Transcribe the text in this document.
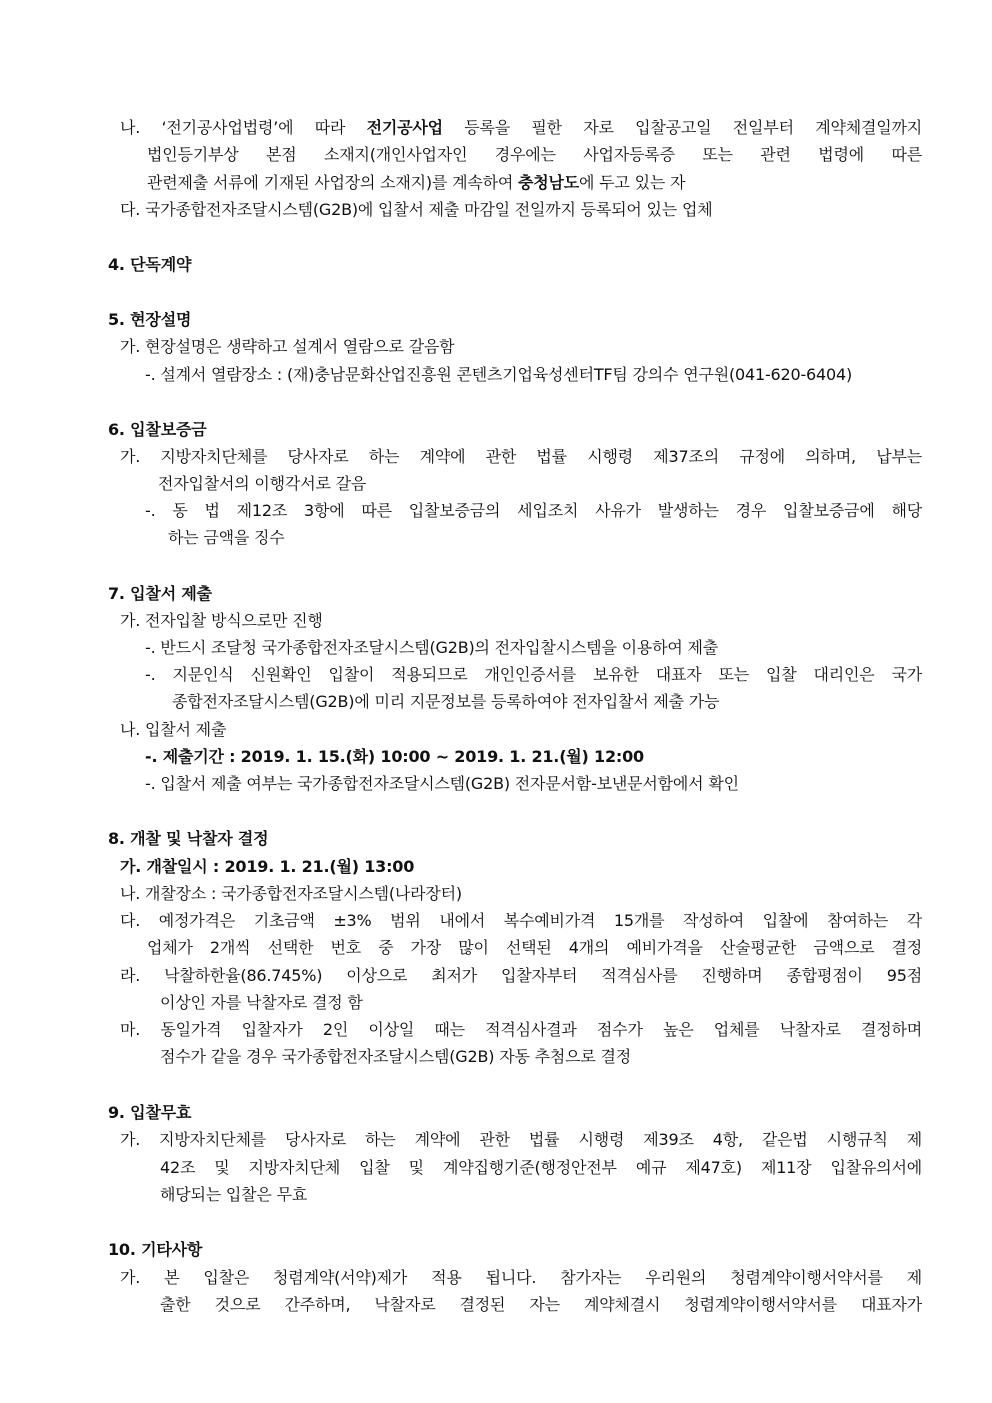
나. ‘전기공사업법령’에 따라 전기공사업 등록을 필한 자로 입찰공고일 전일부터 계약체결일까지
법인등기부상 본점 소재지(개인사업자인 경우에는 사업자등록증 또는 관련 법령에 따른
관련제출 서류에 기재된 사업장의 소재지)를 계속하여 충청남도에 두고 있는 자
다. 국가종합전자조달시스템(G2B)에 입찰서 제출 마감일 전일까지 등록되어 있는 업체
4. 단독계약
5. 현장설명
가. 현장설명은 생략하고 설계서 열람으로 갈음함
-. 설계서 열람장소 : (재)충남문화산업진흥원 콘텐츠기업육성센터TF팀 강의수 연구원(041-620-6404)
6. 입찰보증금
가. 지방자치단체를 당사자로 하는 계약에 관한 법률 시행령 제37조의 규정에 의하며, 납부는
전자입찰서의 이행각서로 갈음
-. 동 법 제12조 3항에 따른 입찰보증금의 세입조치 사유가 발생하는 경우 입찰보증금에 해당
하는 금액을 징수
7. 입찰서 제출
가. 전자입찰 방식으로만 진행
-. 반드시 조달청 국가종합전자조달시스템(G2B)의 전자입찰시스템을 이용하여 제출
-. 지문인식 신원확인 입찰이 적용되므로 개인인증서를 보유한 대표자 또는 입찰 대리인은 국가
종합전자조달시스템(G2B)에 미리 지문정보를 등록하여야 전자입찰서 제출 가능
나. 입찰서 제출
-. 제출기간 : 2019. 1. 15.(화) 10:00 ~ 2019. 1. 21.(월) 12:00
-. 입찰서 제출 여부는 국가종합전자조달시스템(G2B) 전자문서함-보낸문서함에서 확인
8. 개찰 및 낙찰자 결정
가. 개찰일시 : 2019. 1. 21.(월) 13:00
나. 개찰장소 : 국가종합전자조달시스템(나라장터)
다. 예정가격은 기초금액 ±3% 범위 내에서 복수예비가격 15개를 작성하여 입찰에 참여하는 각
업체가 2개씩 선택한 번호 중 가장 많이 선택된 4개의 예비가격을 산술평균한 금액으로 결정
라. 낙찰하한율(86.745%) 이상으로 최저가 입찰자부터 적격심사를 진행하며 종합평점이 95점
이상인 자를 낙찰자로 결정 함
마. 동일가격 입찰자가 2인 이상일 때는 적격심사결과 점수가 높은 업체를 낙찰자로 결정하며
점수가 같을 경우 국가종합전자조달시스템(G2B) 자동 추첨으로 결정
9. 입찰무효
가. 지방자치단체를 당사자로 하는 계약에 관한 법률 시행령 제39조 4항, 같은법 시행규칙 제
42조 및 지방자치단체 입찰 및 계약집행기준(행정안전부 예규 제47호) 제11장 입찰유의서에
해당되는 입찰은 무효
10. 기타사항
가. 본 입찰은 청렴계약(서약)제가 적용 됩니다. 참가자는 우리원의 청렴계약이행서약서를 제
출한 것으로 간주하며, 낙찰자로 결정된 자는 계약체결시 청렴계약이행서약서를 대표자가
